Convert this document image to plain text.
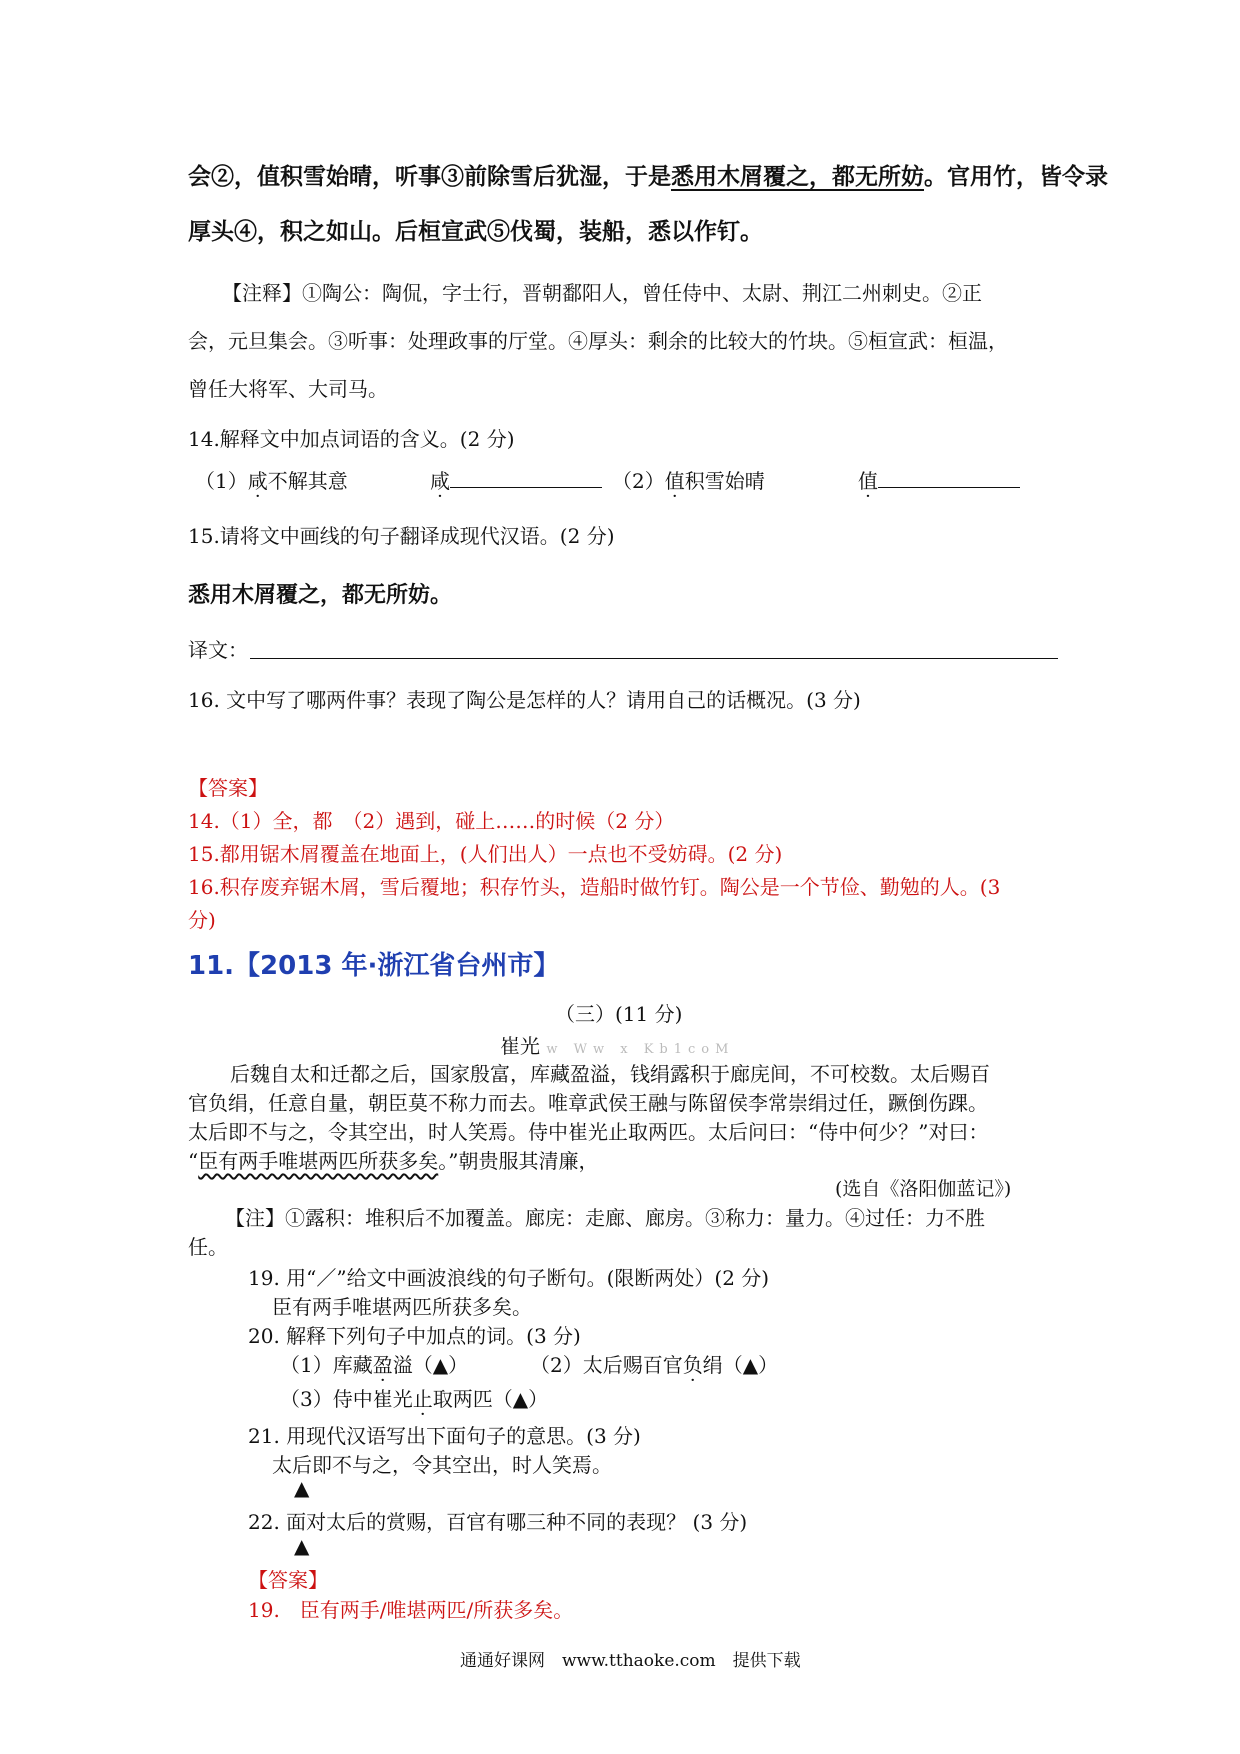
会②，值积雪始晴，听事③前除雪后犹湿，于是悉用木屑覆之，都无所妨。官用竹，皆令录
厚头④，积之如山。后桓宣武⑤伐蜀，装船，悉以作钉。
【注释】①陶公：陶侃，字士行，晋朝鄱阳人，曾任侍中、太尉、荆江二州刺史。②正
会，元旦集会。③听事：处理政事的厅堂。④厚头：剩余的比较大的竹块。⑤桓宣武：桓温，
曾任大将军、大司马。
14.解释文中加点词语的含义。(2 分)
（1）咸不解其意	咸	（2）值积雪始晴	值
15.请将文中画线的句子翻译成现代汉语。(2 分)
悉用木屑覆之，都无所妨。
译文：
16. 文中写了哪两件事？表现了陶公是怎样的人？请用自己的话概况。(3 分)
【答案】
14.（1）全，都　（2）遇到，碰上……的时候（2 分）
15.都用锯木屑覆盖在地面上，(人们出人）一点也不受妨碍。(2 分)
16.积存废弃锯木屑，雪后覆地；积存竹头，造船时做竹钉。陶公是一个节俭、勤勉的人。(3
分)
11.【2013 年·浙江省台州市】
（三）(11 分)
崔光 w Ww x Kb1coM
后魏自太和迁都之后，国家殷富，库藏盈溢，钱绢露积于廊庑间，不可校数。太后赐百
官负绢，任意自量，朝臣莫不称力而去。唯章武侯王融与陈留侯李常崇绢过任，蹶倒伤踝。
太后即不与之，令其空出，时人笑焉。侍中崔光止取两匹。太后问曰：“侍中何少？”对曰：
“臣有两手唯堪两匹所获多矣。”朝贵服其清廉，
(选自《洛阳伽蓝记》)
【注】①露积：堆积后不加覆盖。廊庑：走廊、廊房。③称力：量力。④过任：力不胜
任。
19. 用“／”给文中画波浪线的句子断句。(限断两处）(2 分)
臣有两手唯堪两匹所获多矣。
20. 解释下列句子中加点的词。(3 分)
（1）库藏盈溢（▲）	（2）太后赐百官负绢（▲）
（3）侍中崔光止取两匹（▲）
21. 用现代汉语写出下面句子的意思。(3 分)
太后即不与之，令其空出，时人笑焉。
▲
22. 面对太后的赏赐，百官有哪三种不同的表现？ (3 分)
▲
【答案】
19.　臣有两手/唯堪两匹/所获多矣。
通通好课网　www.tthaoke.com　提供下载
